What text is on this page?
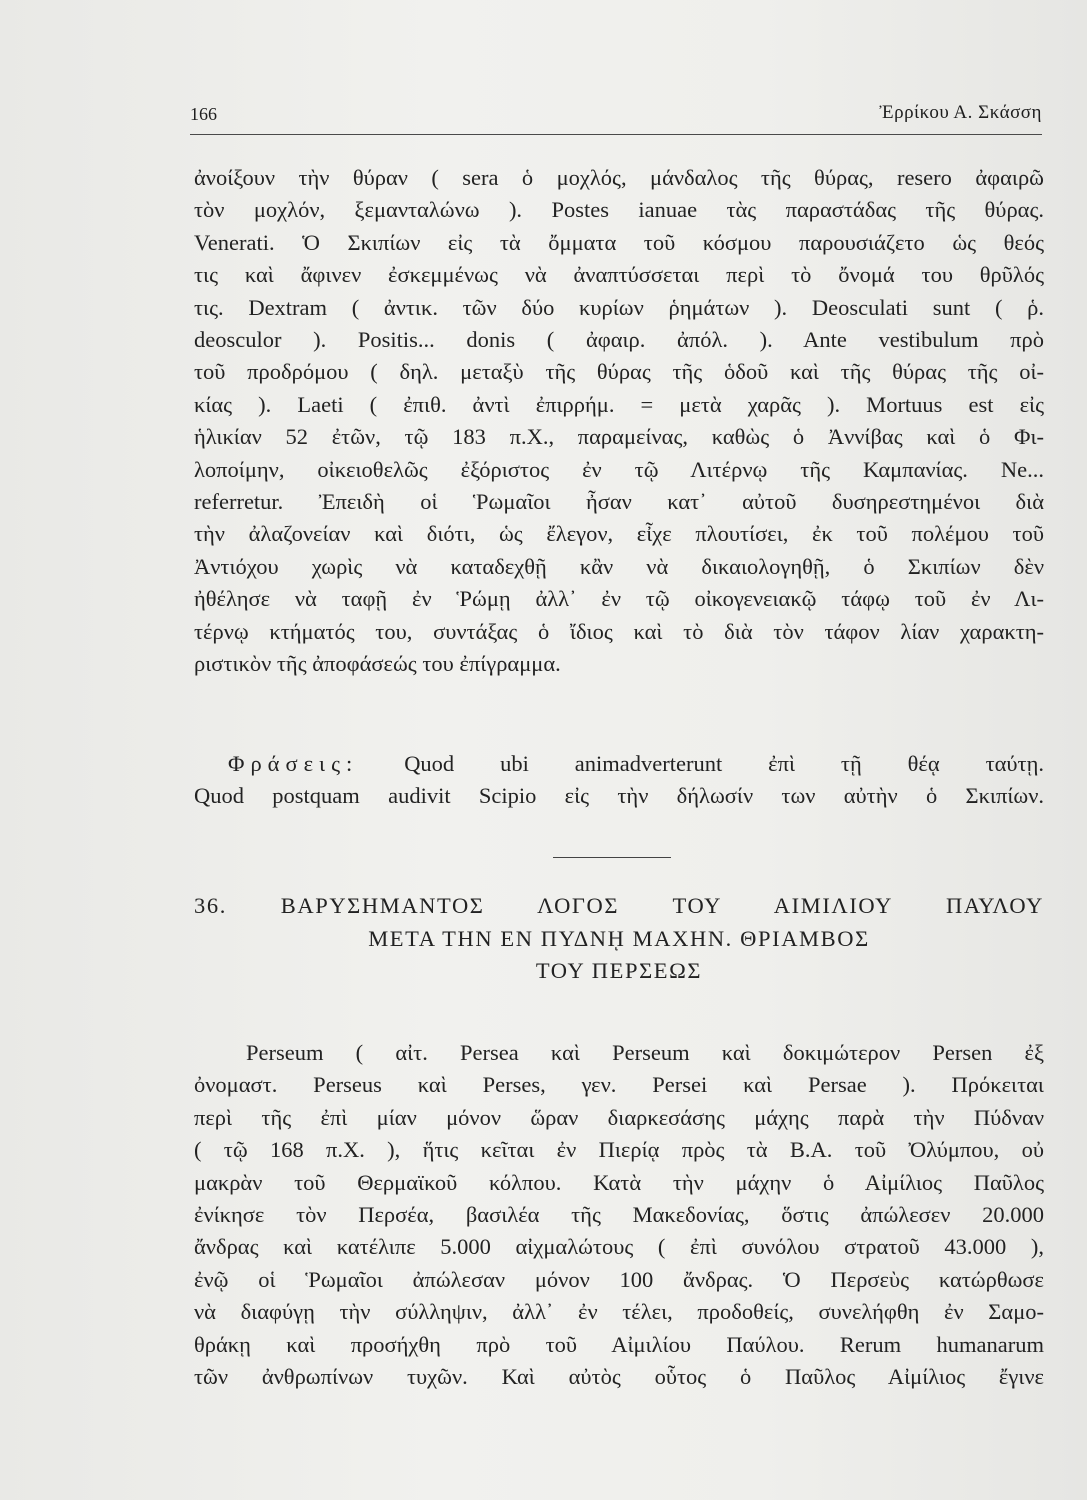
166	Ἐρρίκου Α. Σκάσση
ἀνοίξουν τὴν θύραν ( sera ὁ μοχλός, μάνδαλος τῆς θύρας, resero ἀφαιρῶ
τὸν μοχλόν, ξεμανταλώνω ). Postes ianuae τὰς παραστάδας τῆς θύρας.
Venerati. Ὁ Σκιπίων εἰς τὰ ὄμματα τοῦ κόσμου παρουσιάζετο ὡς θεός
τις καὶ ἄφινεν ἐσκεμμένως νὰ ἀναπτύσσεται περὶ τὸ ὄνομά του θρῦλός
τις. Dextram ( ἀντικ. τῶν δύο κυρίων ῥημάτων ). Deosculati sunt ( ῥ.
deosculor ). Positis... donis ( ἀφαιρ. ἀπόλ. ). Ante vestibulum πρὸ
τοῦ προδρόμου ( δηλ. μεταξὺ τῆς θύρας τῆς ὁδοῦ καὶ τῆς θύρας τῆς οἰ-
κίας ). Laeti ( ἐπιθ. ἀντὶ ἐπιρρήμ. = μετὰ χαρᾶς ). Mortuus est εἰς
ἡλικίαν 52 ἐτῶν, τῷ 183 π.Χ., παραμείνας, καθὼς ὁ Ἀννίβας καὶ ὁ Φι-
λοποίμην, οἰκειοθελῶς ἐξόριστος ἐν τῷ Λιτέρνῳ τῆς Καμπανίας. Ne...
referretur. Ἐπειδὴ οἱ Ῥωμαῖοι ἦσαν κατ᾽ αὐτοῦ δυσηρεστημένοι διὰ
τὴν ἀλαζονείαν καὶ διότι, ὡς ἔλεγον, εἶχε πλουτίσει, ἐκ τοῦ πολέμου τοῦ
Ἀντιόχου χωρὶς νὰ καταδεχθῇ κἂν νὰ δικαιολογηθῇ, ὁ Σκιπίων δὲν
ἠθέλησε νὰ ταφῇ ἐν Ῥώμῃ ἀλλ᾽ ἐν τῷ οἰκογενειακῷ τάφῳ τοῦ ἐν Λι-
τέρνῳ κτήματός του, συντάξας ὁ ἴδιος καὶ τὸ διὰ τὸν τάφον λίαν χαρακτη-
ριστικὸν τῆς ἀποφάσεώς του ἐπίγραμμα.
Φράσεις: Quod ubi animadverterunt ἐπὶ τῇ θέᾳ ταύτῃ.
Quod postquam audivit Scipio εἰς τὴν δήλωσίν των αὐτὴν ὁ Σκιπίων.
36. ΒΑΡΥΣΗΜΑΝΤΟΣ ΛΟΓΟΣ ΤΟΥ ΑΙΜΙΛΙΟΥ ΠΑΥΛΟΥ
ΜΕΤΑ ΤΗΝ ΕΝ ΠΥΔΝῌ ΜΑΧΗΝ. ΘΡΙΑΜΒΟΣ
ΤΟΥ ΠΕΡΣΕΩΣ
Perseum ( αἰτ. Persea καὶ Perseum καὶ δοκιμώτερον Persen ἐξ
ὀνομαστ. Perseus καὶ Perses, γεν. Persei καὶ Persae ). Πρόκειται
περὶ τῆς ἐπὶ μίαν μόνον ὥραν διαρκεσάσης μάχης παρὰ τὴν Πύδναν
( τῷ 168 π.Χ. ), ἥτις κεῖται ἐν Πιερίᾳ πρὸς τὰ Β.Α. τοῦ Ὀλύμπου, οὐ
μακρὰν τοῦ Θερμαϊκοῦ κόλπου. Κατὰ τὴν μάχην ὁ Αἰμίλιος Παῦλος
ἐνίκησε τὸν Περσέα, βασιλέα τῆς Μακεδονίας, ὅστις ἀπώλεσεν 20.000
ἄνδρας καὶ κατέλιπε 5.000 αἰχμαλώτους ( ἐπὶ συνόλου στρατοῦ 43.000 ),
ἐνῷ οἱ Ῥωμαῖοι ἀπώλεσαν μόνον 100 ἄνδρας. Ὁ Περσεὺς κατώρθωσε
νὰ διαφύγῃ τὴν σύλληψιν, ἀλλ᾽ ἐν τέλει, προδοθείς, συνελήφθη ἐν Σαμο-
θράκῃ καὶ προσήχθη πρὸ τοῦ Αἰμιλίου Παύλου. Rerum humanarum
τῶν ἀνθρωπίνων τυχῶν. Καὶ αὐτὸς οὗτος ὁ Παῦλος Αἰμίλιος ἔγινε
